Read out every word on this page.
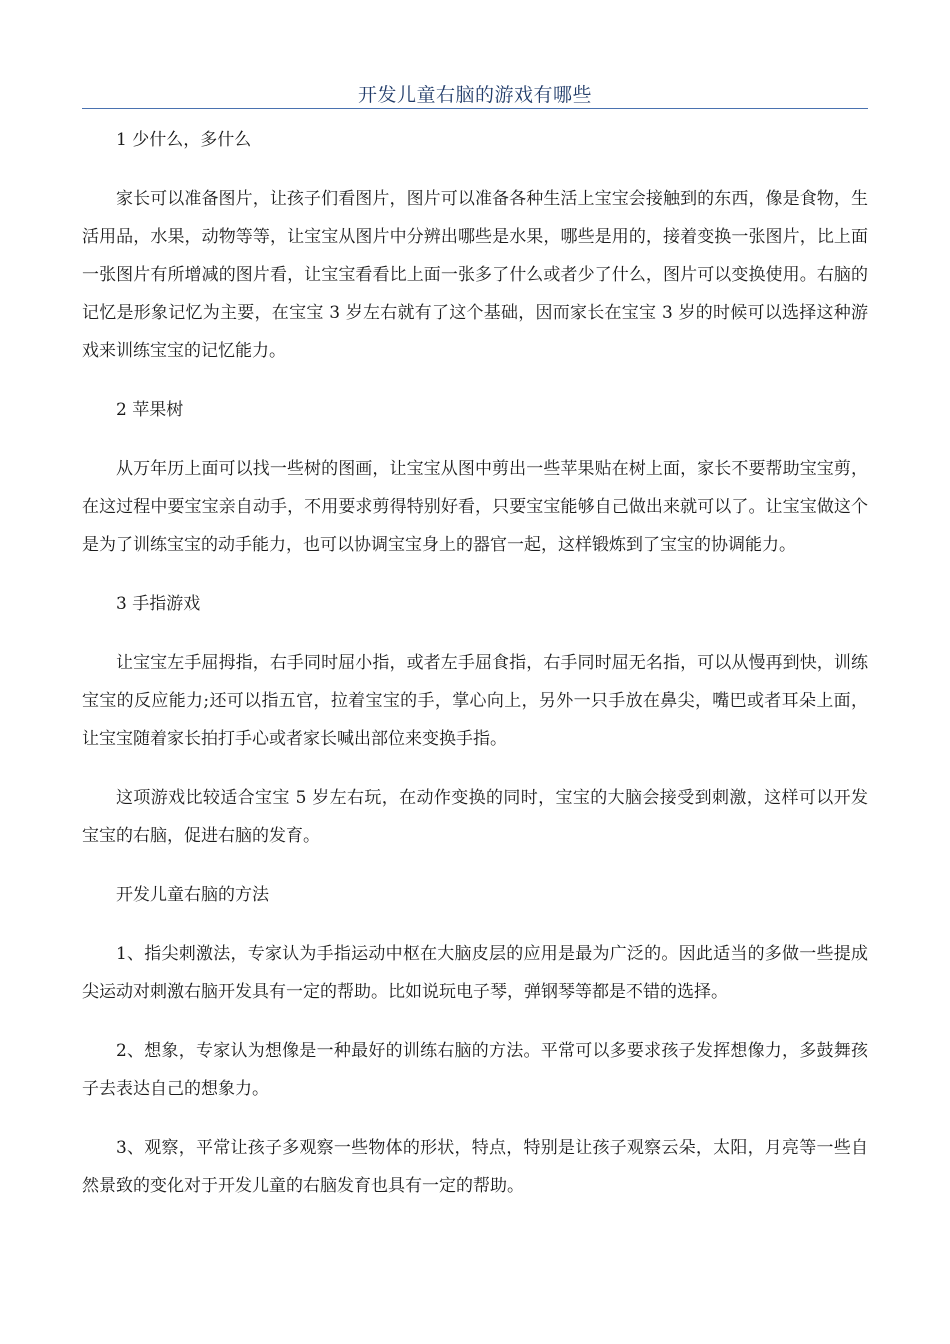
开发儿童右脑的游戏有哪些

1 少什么，多什么

家长可以准备图片，让孩子们看图片，图片可以准备各种生活上宝宝会接触到的东西，像是食物，生活用品，水果，动物等等，让宝宝从图片中分辨出哪些是水果，哪些是用的，接着变换一张图片，比上面一张图片有所增减的图片看，让宝宝看看比上面一张多了什么或者少了什么，图片可以变换使用。右脑的记忆是形象记忆为主要，在宝宝 3 岁左右就有了这个基础，因而家长在宝宝 3 岁的时候可以选择这种游戏来训练宝宝的记忆能力。

2 苹果树

从万年历上面可以找一些树的图画，让宝宝从图中剪出一些苹果贴在树上面，家长不要帮助宝宝剪，在这过程中要宝宝亲自动手，不用要求剪得特别好看，只要宝宝能够自己做出来就可以了。让宝宝做这个是为了训练宝宝的动手能力，也可以协调宝宝身上的器官一起，这样锻炼到了宝宝的协调能力。

3 手指游戏

让宝宝左手屈拇指，右手同时屈小指，或者左手屈食指，右手同时屈无名指，可以从慢再到快，训练宝宝的反应能力;还可以指五官，拉着宝宝的手，掌心向上，另外一只手放在鼻尖，嘴巴或者耳朵上面，让宝宝随着家长拍打手心或者家长喊出部位来变换手指。

这项游戏比较适合宝宝 5 岁左右玩，在动作变换的同时，宝宝的大脑会接受到刺激，这样可以开发宝宝的右脑，促进右脑的发育。

开发儿童右脑的方法

1、指尖刺激法，专家认为手指运动中枢在大脑皮层的应用是最为广泛的。因此适当的多做一些提成尖运动对刺激右脑开发具有一定的帮助。比如说玩电子琴，弹钢琴等都是不错的选择。

2、想象，专家认为想像是一种最好的训练右脑的方法。平常可以多要求孩子发挥想像力，多鼓舞孩子去表达自己的想象力。

3、观察，平常让孩子多观察一些物体的形状，特点，特别是让孩子观察云朵，太阳，月亮等一些自然景致的变化对于开发儿童的右脑发育也具有一定的帮助。
